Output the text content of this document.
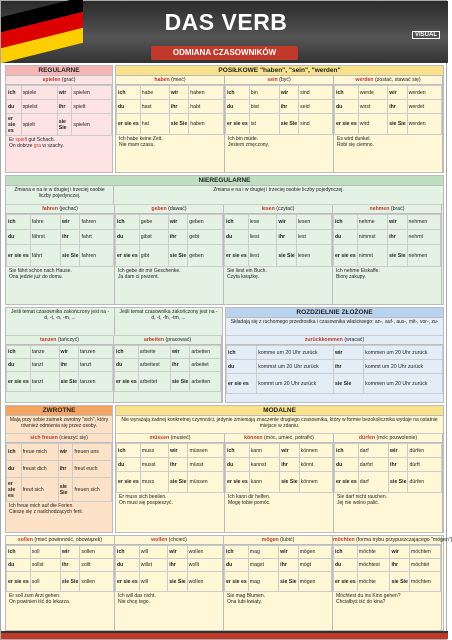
DAS VERB	VISUAL
ODMIANA CZASOWNIKÓW
REGULARNE
spielen (grać)
ich	spiele	wir	spielen
du	spielst	ihr	spielt
er sie es	spielt	sie Sie	spielen
Er spielt gut Schach.
On dobrze gra w szachy.
POSIŁKOWE "haben", "sein", "werden"
haben (mieć)
ich	habe	wir	haben
du	hast	ihr	habt
er sie es	hat	sie Sie	haben
Ich habe keine Zeit.
Nie mam czasu.
sein (być)
ich	bin	wir	sind
du	bist	ihr	seid
er sie es	ist	sie Sie	sind
Ich bin müde.
Jestem zmęczony.
werden (zostać, stawać się)
ich	werde	wir	werden
du	wirst	ihr	werdet
er sie es	wird	sie Sie	werden
Es wird dunkel.
Robi się ciemno.
NIEREGULARNE
Zmiana e na ie w drugiej i trzeciej osobie liczby pojedynczej.
Zmiana e na i w drugiej i trzeciej osobie liczby pojedynczej.
fahren (jechać)
ich	fahre	wir	fahren
du	fährst	ihr	fahrt
er sie es	fährt	sie Sie	fahren
Sie fährt schon nach Hause.
Ona jedzie już do domu.
geben (dawać)
ich	gebe	wir	geben
du	gibst	ihr	gebt
er sie es	gibt	sie Sie	geben
Ich gebe dir mir Geschenke.
Ja dam ci prezent.
lesen (czytać)
ich	lese	wir	lesen
du	liest	ihr	lest
er sie es	liest	sie Sie	lesen
Sie liest ein Buch.
Czyta książkę.
nehmen (brać)
ich	nehme	wir	nehmen
du	nimmst	ihr	nehmt
er sie es	nimmt	sie Sie	nehmen
Ich nehme Eiskaffe.
Biorę zakupy.
Jeśli temat czasownika zakończony jest na -d, -t, -n, -m, ...
Jeśli temat czasownika zakończony jest na -d, -t, -fn, -tm, ...
tanzen (tańczyć)
ich	tanze	wir	tanzen
du	tanzt	ihr	tanzt
er sie es	tanzt	sie Sie	tanzen

arbeiten (pracować)
ich	arbeite	wir	arbeiten
du	arbeitest	ihr	arbeitet
er sie es	arbeitet	sie Sie	arbeiten

ROZDZIELNIE ZŁOŻONE
Składają się z ruchomego przedrostka i czasownika właściwego: an-, auf-, aus-, mit-, vor-, zu-
zurückkommen (wracać)
ich	komme um 20 Uhr zurück	wir	kommen um 20 Uhr zurück
du	kommst um 20 Uhr zurück	ihr	kommt um 20 Uhr zurück
er sie es	kommt um 20 Uhr zurück	sie Sie	kommen um 20 Uhr zurück
ZWROTNE
Mają przy sobie zaimek zwrotny "sich", który również odmienia się przez osoby.
sich freuen (cieszyć się)
ich	freue mich	wir	freuen uns
du	freust dich	ihr	freut euch
er sie es	freut sich	sie Sie	freuen sich
Ich freue mich auf die Ferien.
Cieszę się z nadchodzących ferii.
MODALNE
Nie wyrażają żadnej konkretnej czynności, jedynie zmieniają znaczenie drugiego czasownika, który w formie bezokolicznika wydaje na ostatnie miejsce w zdaniu.
müssen (musieć)
ich	muss	wir	müssen
du	musst	ihr	müsst
er sie es	muss	sie Sie	müssen
Er muss sich beeilen.
On musi się pospieszyć.
können (móc, umieć, potrafić)
ich	kann	wir	können
du	kannst	ihr	könnt
er sie es	kann	sie Sie	können
Ich kann dir helfen.
Mogę tobie pomóc.
dürfen (móc pozwolenie)
ich	darf	wir	dürfen
du	darfst	ihr	dürft
er sie es	darf	sie Sie	dürfen
Sie darf nicht rauchen.
Jej nie wolno palić.
sollen (mieć powinność, obowiązek)
ich	soll	wir	sollen
du	sollst	ihr	sollt
er sie es	soll	sie Sie	sollen
Er soll zum Arzt gehen.
On powinien iść do lekarza.
wollen (chcieć)
ich	will	wir	wollen
du	willst	ihr	wollt
er sie es	will	sie Sie	wollen
Ich will das nicht.
Nie chcę tego.
mögen (lubić)
ich	mag	wir	mögen
du	magst	ihr	mögt
er sie es	mag	sie Sie	mögen
Sie mag Blumen.
Ona lubi kwiaty.
möchten (forma trybu przypuszczającego "mögen")
ich	möchte	wir	möchten
du	möchtest	ihr	möchtet
er sie es	möchte	sie Sie	möchten
Möchtest du ins Kino gehen?
Chciałbyś iść do kina?
